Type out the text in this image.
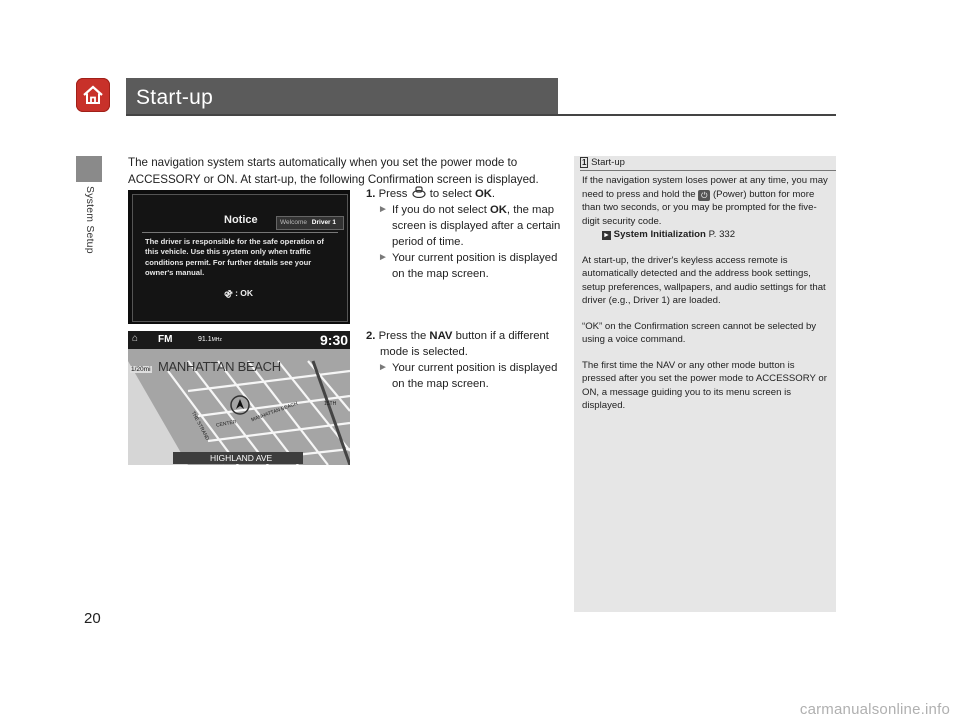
Start-up
System Setup
The navigation system starts automatically when you set the power mode to ACCESSORY or ON. At start-up, the following Confirmation screen is displayed.
Notice	Welcome Driver 1
The driver is responsible for the safe operation of this vehicle. Use this system only when traffic conditions permit. For further details see your owner's manual.
⚣ : OK
1. Press to select OK.
► If you do not select OK, the map screen is displayed after a certain period of time.
► Your current position is displayed on the map screen.
⌂ FM	91.1MHz	9:30
1/20mi MANHATTAN BEACH
THE STRAND CENTER
MANHATTAN BEACH	15TH
HIGHLAND AVE
2. Press the NAV button if a different mode is selected.
► Your current position is displayed on the map screen.
1 Start-up
If the navigation system loses power at any time, you may need to press and hold the ⏻ (Power) button for more than two seconds, or you may be prompted for the five-digit security code.
► System Initialization P. 332
At start-up, the driver's keyless access remote is automatically detected and the address book settings, setup preferences, wallpapers, and audio settings for that driver (e.g., Driver 1) are loaded.
“OK” on the Confirmation screen cannot be selected by using a voice command.
The first time the NAV or any other mode button is pressed after you set the power mode to ACCESSORY or ON, a message guiding you to its menu screen is displayed.
20
carmanualsonline.info
